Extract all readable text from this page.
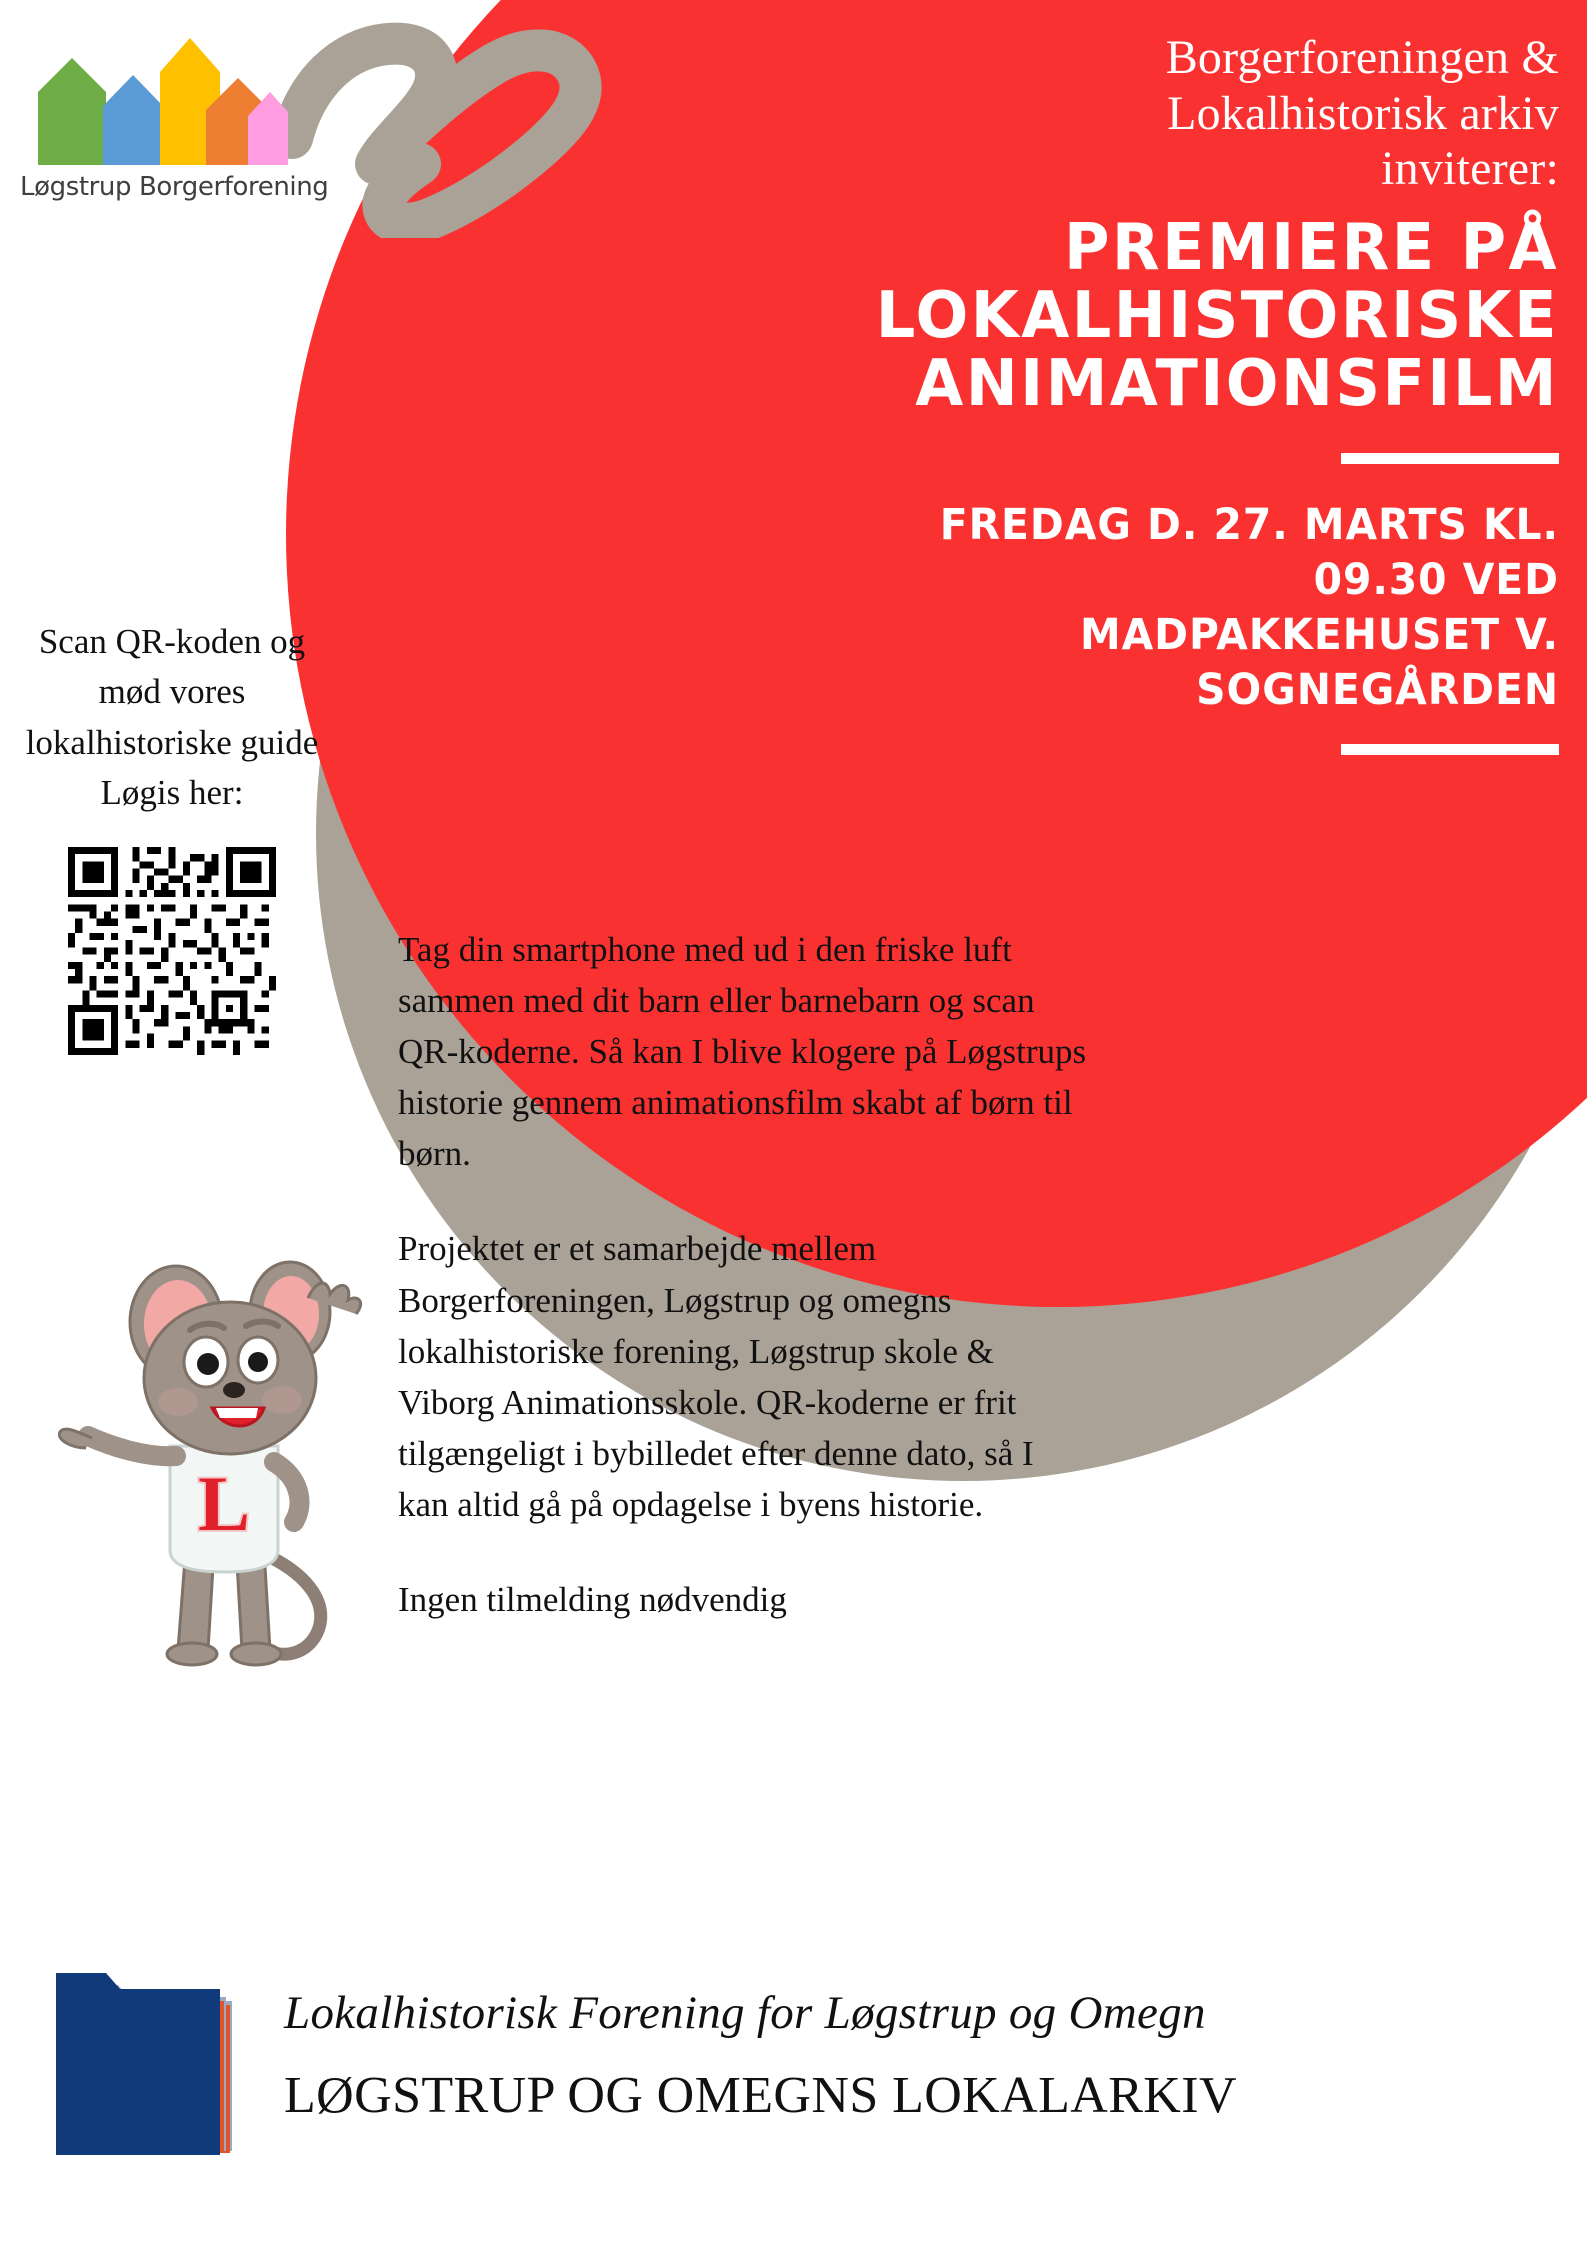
Løgstrup Borgerforening
Borgerforeningen &
Lokalhistorisk arkiv
inviterer:
PREMIERE PÅ
LOKALHISTORISKE
ANIMATIONSFILM
FREDAG D. 27. MARTS KL. 09.30 VED
MADPAKKEHUSET V. SOGNEGÅRDEN

Tag din smartphone med ud i den friske luft sammen med dit barn eller barnebarn og scan QR-koderne. Så kan I blive klogere på Løgstrups historie gennem animationsfilm skabt af børn til børn.

Projektet er et samarbejde mellem Borgerforeningen, Løgstrup og omegns lokalhistoriske forening, Løgstrup skole & Viborg Animationsskole. QR-koderne er frit tilgængeligt i bybilledet efter denne dato, så I kan altid gå på opdagelse i byens historie.

Ingen tilmelding nødvendig

Scan QR-koden og mød vores lokalhistoriske guide Løgis her:
L
Lokalhistorisk Forening for Løgstrup og Omegn
LØGSTRUP OG OMEGNS LOKALARKIV
